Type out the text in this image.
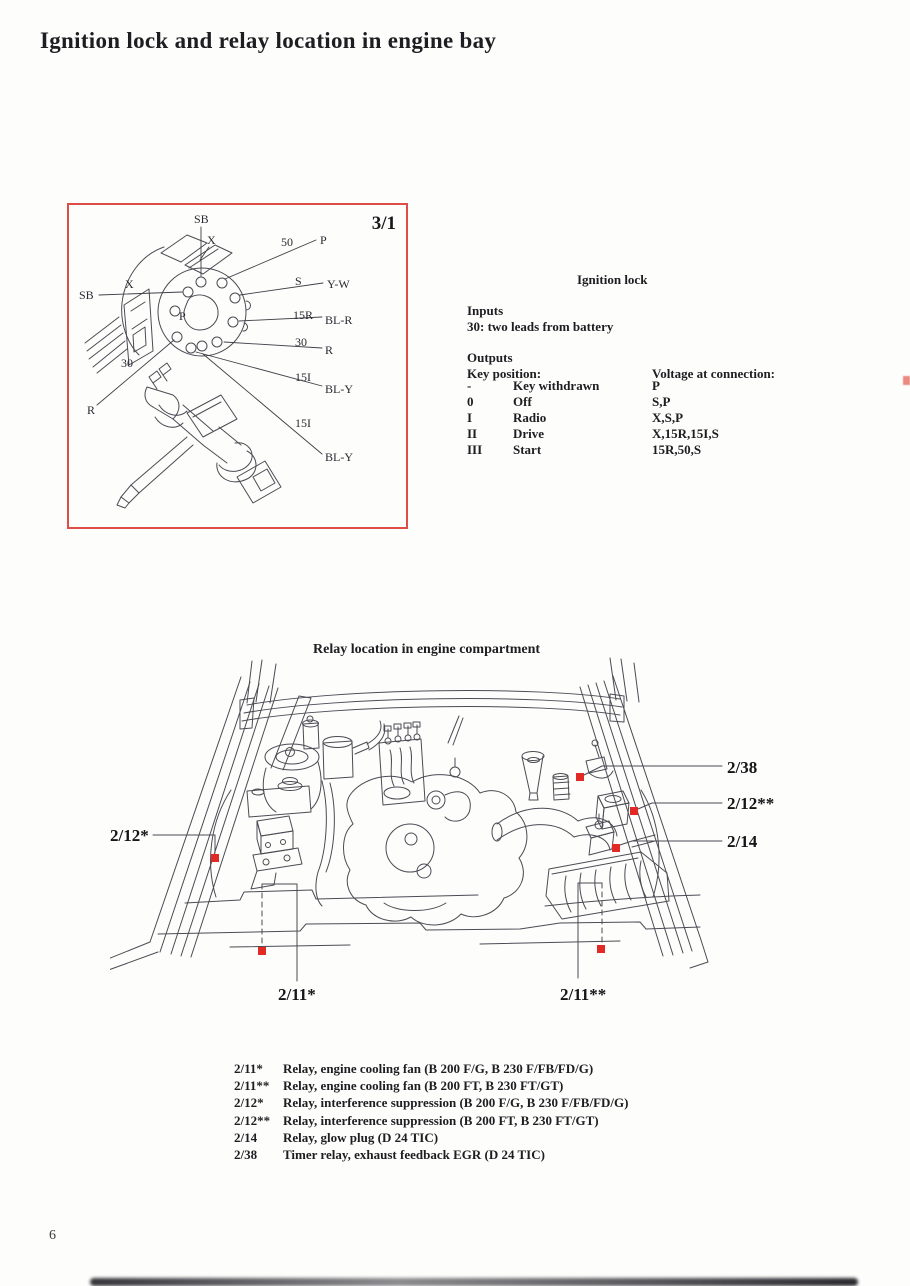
Ignition lock and relay location in engine bay
3/1
SB
X	50 P
X
SB
P
S Y-W
15R BL-R
30
R
15I
BL-Y
30
R
15I
BL-Y
Ignition lock
Inputs
30: two leads from battery
Outputs
Key position:	Voltage at connection:
-	Key withdrawn	P
0	Off	S,P
I	Radio	X,S,P
II	Drive	X,15R,15I,S
III	Start	15R,50,S
Relay location in engine compartment
2/38
2/12**
2/14
2/12*
2/11*	2/11**
2/11*	Relay, engine cooling fan (B 200 F/G, B 230 F/FB/FD/G)
2/11**	Relay, engine cooling fan (B 200 FT, B 230 FT/GT)
2/12*	Relay, interference suppression (B 200 F/G, B 230 F/FB/FD/G)
2/12** Relay, interference suppression (B 200 FT, B 230 FT/GT)
2/14	Relay, glow plug (D 24 TIC)
2/38	Timer relay, exhaust feedback EGR (D 24 TIC)
6
